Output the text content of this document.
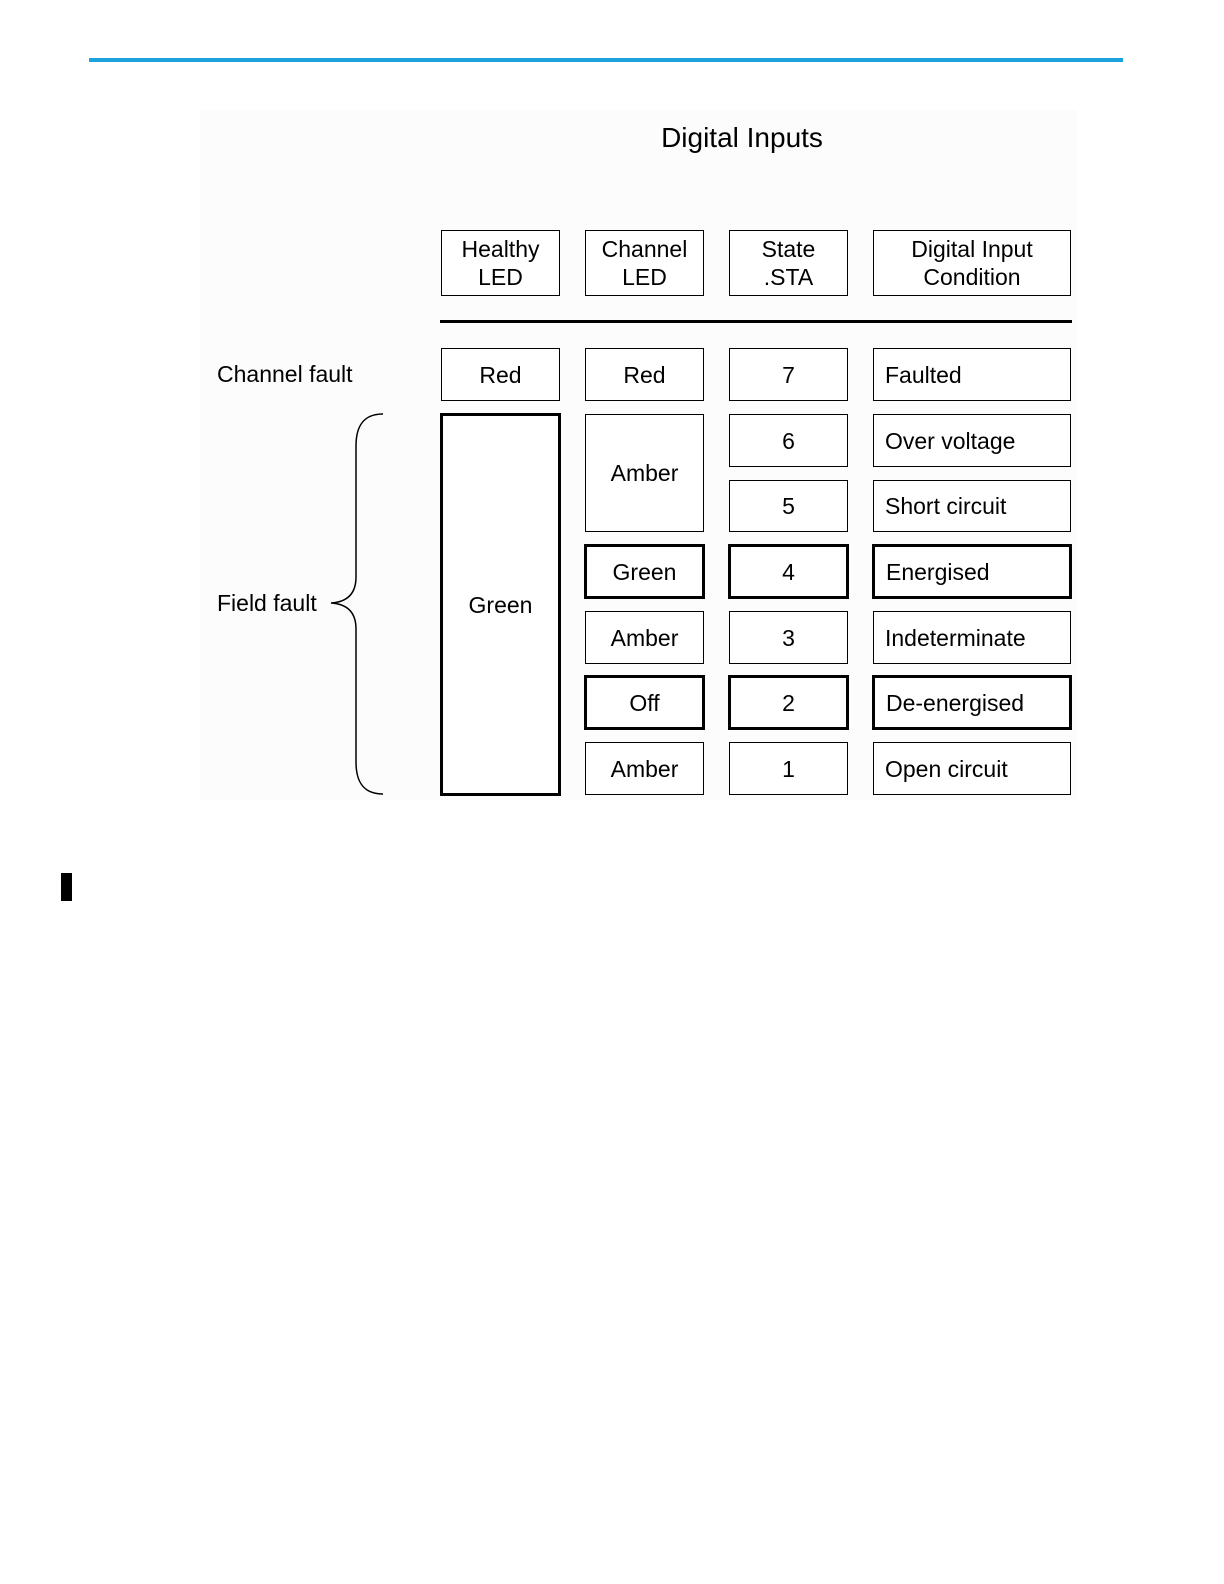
Digital Inputs
Healthy
LED
Channel
LED
State
.STA
Digital Input
Condition
Channel fault
Field fault
Red
Green
Red
Amber
Green
Amber
Off
Amber
7
6
5
4
3
2
1
Faulted
Over voltage
Short circuit
Energised
Indeterminate
De-energised
Open circuit
